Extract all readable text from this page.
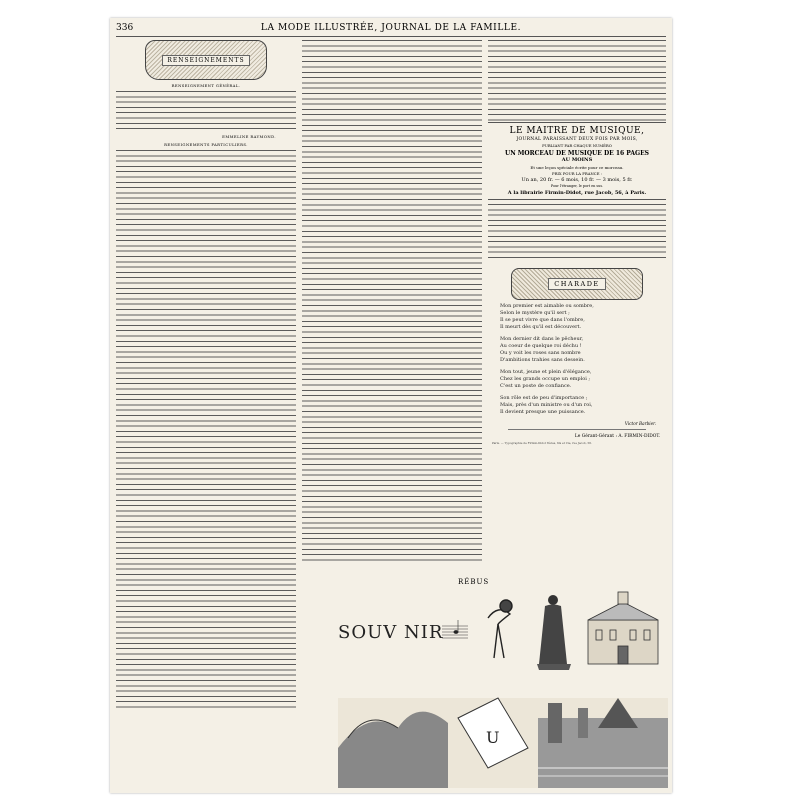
336	LA MODE ILLUSTRÉE, JOURNAL DE LA FAMILLE.
RENSEIGNEMENTS
RENSEIGNEMENT GÉNÉRAL.
EMMELINE RAYMOND.
RENSEIGNEMENTS PARTICULIERS.
LE MAITRE DE MUSIQUE,
JOURNAL PARAISSANT DEUX FOIS PAR MOIS,
PUBLIANT PAR CHAQUE NUMÉRO
UN MORCEAU DE MUSIQUE DE 16 PAGES
AU MOINS
Et une leçon spéciale écrite pour ce morceau.
PRIX POUR LA FRANCE :
Un an, 20 fr. — 6 mois, 10 fr. — 3 mois, 5 fr.
Pour l'étranger, le port en sus.
A la librairie Firmin-Didot, rue Jacob, 56, à Paris.
CHARADE
Mon premier est aimable ou sombre,
Selon le mystère qu'il sert ;
Il se peut vivre que dans l'ombre,
Il meurt dès qu'il est découvert.
Mon dernier dit dans le pêcheur,
Au coeur de quelque roi déchu !
Ou y voit les roses sans nombre
D'ambitions trahies sans dessein.
Mon tout, jeune et plein d'élégance,
Chez les grands occupe un emploi ;
C'est un poste de confiance.
Son rôle est de peu d'importance ;
Mais, près d'un ministre ou d'un roi,
Il devient presque une puissance.
Victor Barbier.
Le Gérant-Gérant : A. FIRMIN-DIDOT.
Paris. — Typographie de Firmin-Didot frères, fils et Cie, rue Jacob, 56.
RÉBUS
SOUV NIR
U
